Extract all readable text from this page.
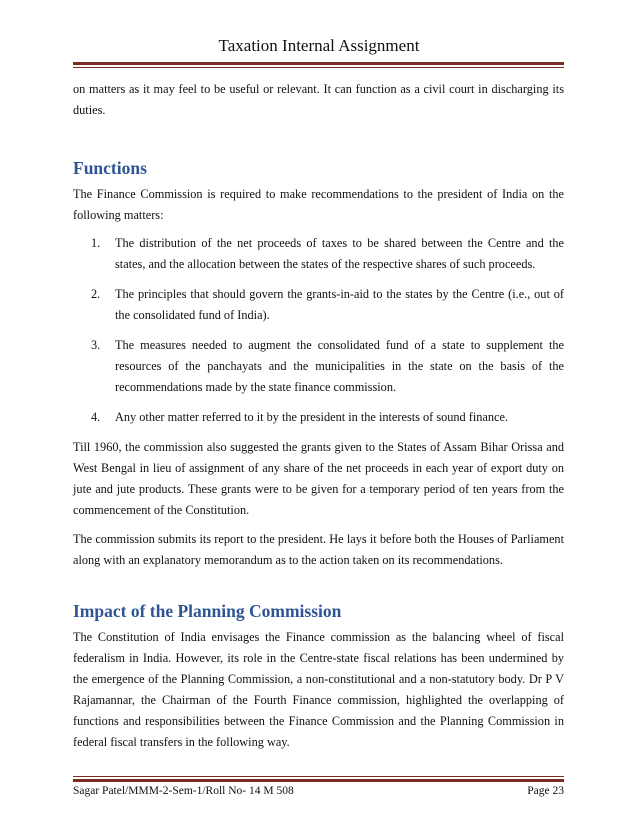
Taxation Internal Assignment

on matters as it may feel to be useful or relevant. It can function as a civil court in discharging its duties.

Functions

The Finance Commission is required to make recommendations to the president of India on the following matters:

1. The distribution of the net proceeds of taxes to be shared between the Centre and the states, and the allocation between the states of the respective shares of such proceeds.
2. The principles that should govern the grants-in-aid to the states by the Centre (i.e., out of the consolidated fund of India).
3. The measures needed to augment the consolidated fund of a state to supplement the resources of the panchayats and the municipalities in the state on the basis of the recommendations made by the state finance commission.
4. Any other matter referred to it by the president in the interests of sound finance.

Till 1960, the commission also suggested the grants given to the States of Assam Bihar Orissa and West Bengal in lieu of assignment of any share of the net proceeds in each year of export duty on jute and jute products. These grants were to be given for a temporary period of ten years from the commencement of the Constitution.

The commission submits its report to the president. He lays it before both the Houses of Parliament along with an explanatory memorandum as to the action taken on its recommendations.

Impact of the Planning Commission

The Constitution of India envisages the Finance commission as the balancing wheel of fiscal federalism in India. However, its role in the Centre-state fiscal relations has been undermined by the emergence of the Planning Commission, a non-constitutional and a non-statutory body. Dr P V Rajamannar, the Chairman of the Fourth Finance commission, highlighted the overlapping of functions and responsibilities between the Finance Commission and the Planning Commission in federal fiscal transfers in the following way.

Sagar Patel/MMM-2-Sem-1/Roll No- 14 M 508	Page 23
